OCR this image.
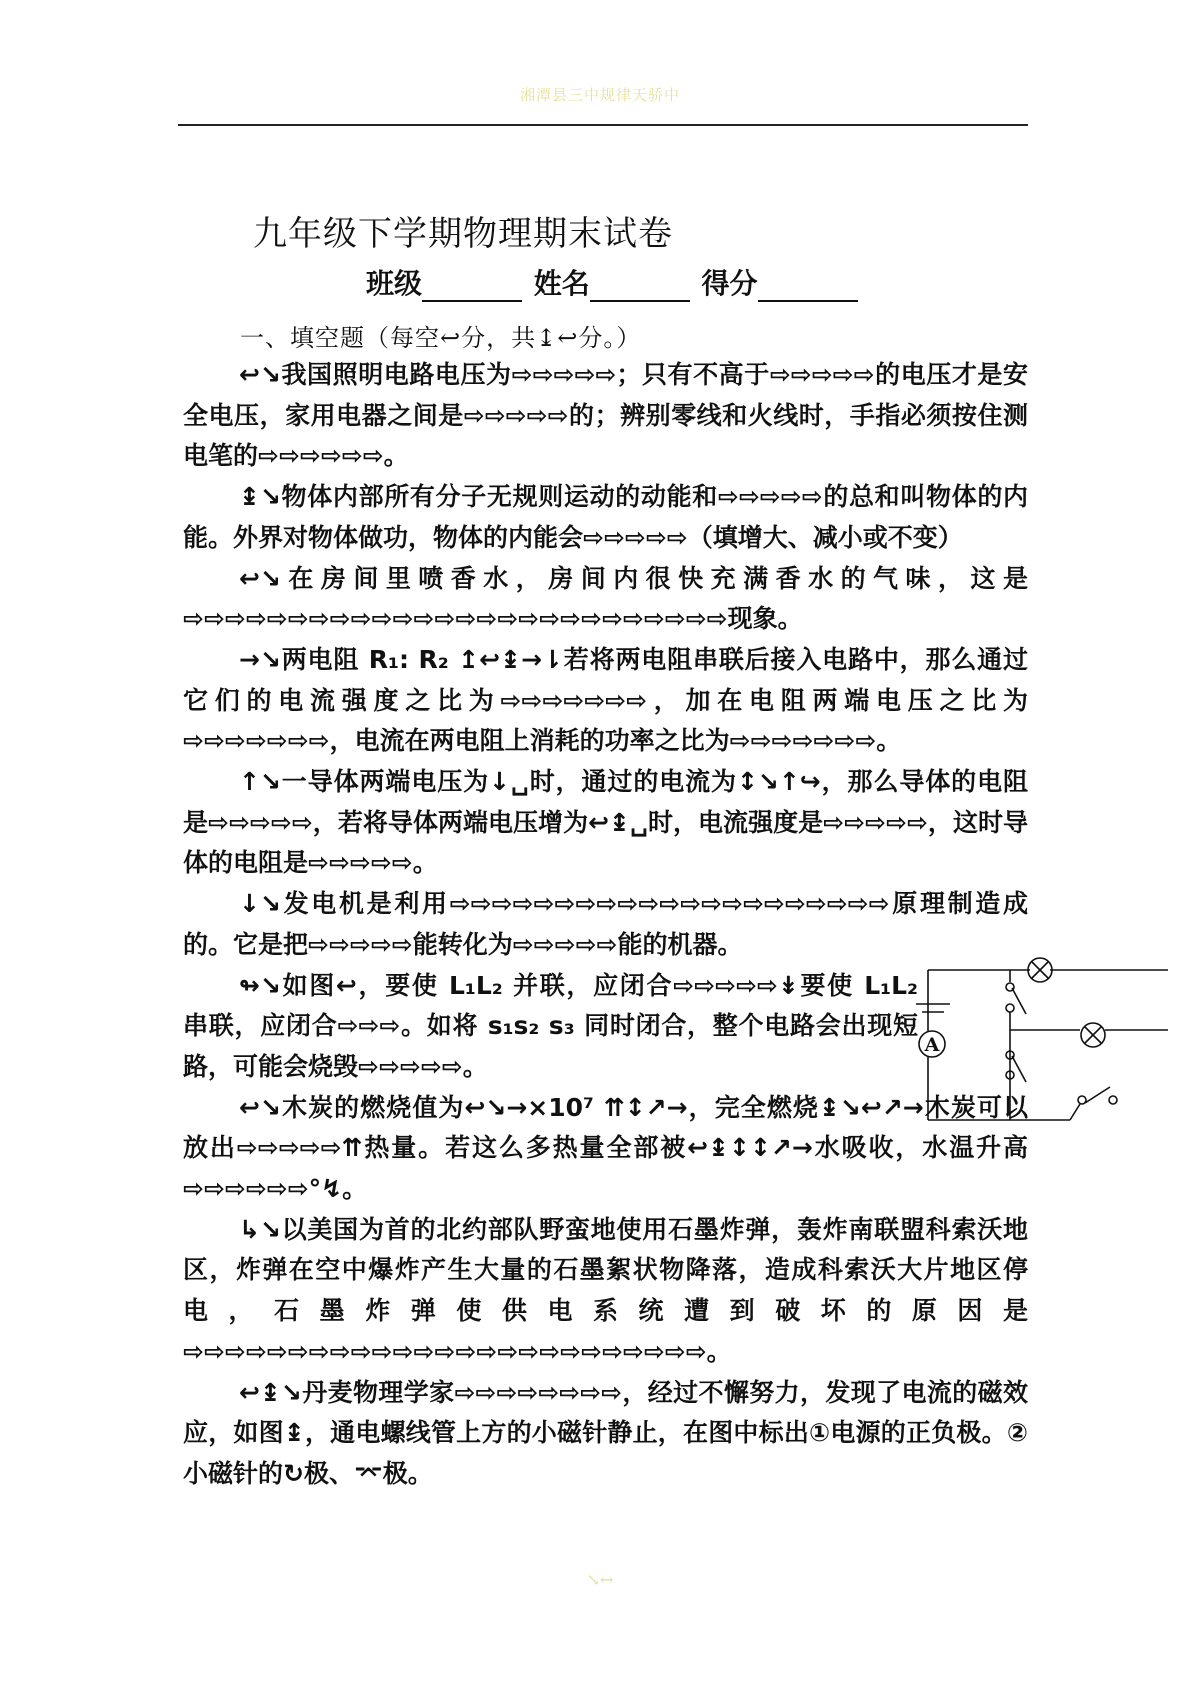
湘潭县三中规律天骄中
九年级下学期物理期末试卷
班级	姓名	得分
一、填空题（每空↩分，共↨↩分。）

↩↘我国照明电路电压为⇨⇨⇨⇨⇨；只有不高于⇨⇨⇨⇨⇨的电压才是安全电压，家用电器之间是⇨⇨⇨⇨⇨的；辨别零线和火线时，手指必须按住测电笔的⇨⇨⇨⇨⇨⇨。

↨↘物体内部所有分子无规则运动的动能和⇨⇨⇨⇨⇨的总和叫物体的内能。外界对物体做功，物体的内能会⇨⇨⇨⇨⇨（填增大、减小或不变）

↩↘在房间里喷香水，房间内很快充满香水的气味，这是⇨⇨⇨⇨⇨⇨⇨⇨⇨⇨⇨⇨⇨⇨⇨⇨⇨⇨⇨⇨⇨⇨⇨⇨⇨⇨现象。

→↘两电阻 R₁: R₂ ↥↩↨→⇂若将两电阻串联后接入电路中，那么通过它们的电流强度之比为⇨⇨⇨⇨⇨⇨⇨，加在电阻两端电压之比为⇨⇨⇨⇨⇨⇨⇨，电流在两电阻上消耗的功率之比为⇨⇨⇨⇨⇨⇨⇨。

↑↘一导体两端电压为↓␣时，通过的电流为↕↘↑↪，那么导体的电阻是⇨⇨⇨⇨⇨，若将导体两端电压增为↩↨␣时，电流强度是⇨⇨⇨⇨⇨，这时导体的电阻是⇨⇨⇨⇨⇨。

↓↘发电机是利用⇨⇨⇨⇨⇨⇨⇨⇨⇨⇨⇨⇨⇨⇨⇨⇨⇨⇨⇨⇨⇨原理制造成的。它是把⇨⇨⇨⇨⇨能转化为⇨⇨⇨⇨⇨能的机器。

↬↘如图↩，要使 L₁L₂ 并联，应闭合⇨⇨⇨⇨⇨↡要使 L₁L₂ 串联，应闭合⇨⇨⇨。如将 s₁s₂ s₃ 同时闭合，整个电路会出现短路，可能会烧毁⇨⇨⇨⇨⇨。

↩↘木炭的燃烧值为↩↘→×10⁷ ⇈↕↗→，完全燃烧↨↘↩↗→木炭可以放出⇨⇨⇨⇨⇨⇈热量。若这么多热量全部被↩↨↕↕↗→水吸收，水温升高⇨⇨⇨⇨⇨⇨°↯。

↳↘以美国为首的北约部队野蛮地使用石墨炸弹，轰炸南联盟科索沃地区，炸弹在空中爆炸产生大量的石墨絮状物降落，造成科索沃大片地区停电，石墨炸弹使供电系统遭到破坏的原因是⇨⇨⇨⇨⇨⇨⇨⇨⇨⇨⇨⇨⇨⇨⇨⇨⇨⇨⇨⇨⇨⇨⇨⇨⇨。

↩↨↘丹麦物理学家⇨⇨⇨⇨⇨⇨⇨⇨，经过不懈努力，发现了电流的磁效应，如图↨，通电螺线管上方的小磁针静止，在图中标出①电源的正负极。②小磁针的↻极、⌤极。

A
↘↔
